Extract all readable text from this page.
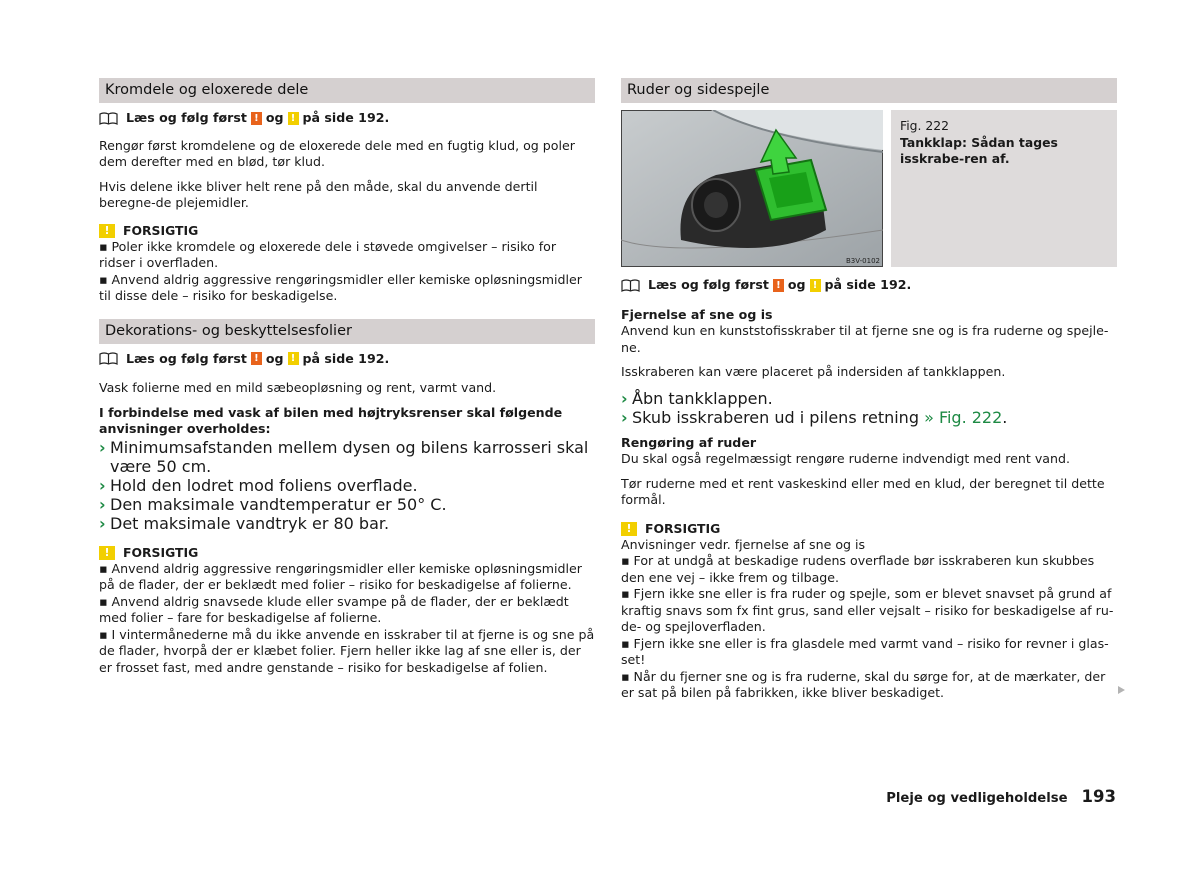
Kromdele og eloxerede dele
Læs og følg først ! og ! på side 192.

Rengør først kromdelene og de eloxerede dele med en fugtig klud, og poler dem derefter med en blød, tør klud.

Hvis delene ikke bliver helt rene på den måde, skal du anvende dertil beregne-de plejemidler.

!	FORSIGTIG

▪ Poler ikke kromdele og eloxerede dele i støvede omgivelser – risiko for ridser i overfladen.

▪ Anvend aldrig aggressive rengøringsmidler eller kemiske opløsningsmidler til disse dele – risiko for beskadigelse.

Dekorations- og beskyttelsesfolier
Læs og følg først ! og ! på side 192.

Vask folierne med en mild sæbeopløsning og rent, varmt vand.

I forbindelse med vask af bilen med højtryksrenser skal følgende anvisninger overholdes:

› Minimumsafstanden mellem dysen og bilens karrosseri skal være 50 cm.
› Hold den lodret mod foliens overflade.
› Den maksimale vandtemperatur er 50° C.
› Det maksimale vandtryk er 80 bar.
!	FORSIGTIG

▪ Anvend aldrig aggressive rengøringsmidler eller kemiske opløsningsmidler på de flader, der er beklædt med folier – risiko for beskadigelse af folierne.

▪ Anvend aldrig snavsede klude eller svampe på de flader, der er beklædt med folier – fare for beskadigelse af folierne.

▪ I vintermånederne må du ikke anvende en isskraber til at fjerne is og sne på de flader, hvorpå der er klæbet folier. Fjern heller ikke lag af sne eller is, der er frosset fast, med andre genstande – risiko for beskadigelse af folien.

Ruder og sidespejle
B3V-0102
Fig. 222
Tankklap: Sådan tages isskrabe-ren af.
Læs og følg først ! og ! på side 192.

Fjernelse af sne og is

Anvend kun en kunststofisskraber til at fjerne sne og is fra ruderne og spejle-ne.

Isskraberen kan være placeret på indersiden af tankklappen.

› Åbn tankklappen.
› Skub isskraberen ud i pilens retning » Fig. 222.

Rengøring af ruder

Du skal også regelmæssigt rengøre ruderne indvendigt med rent vand.

Tør ruderne med et rent vaskeskind eller med en klud, der beregnet til dette formål.

!	FORSIGTIG

Anvisninger vedr. fjernelse af sne og is

▪ For at undgå at beskadige rudens overflade bør isskraberen kun skubbes den ene vej – ikke frem og tilbage.

▪ Fjern ikke sne eller is fra ruder og spejle, som er blevet snavset på grund af kraftig snavs som fx fint grus, sand eller vejsalt – risiko for beskadigelse af ru-de- og spejloverfladen.

▪ Fjern ikke sne eller is fra glasdele med varmt vand – risiko for revner i glas-set!

▪ Når du fjerner sne og is fra ruderne, skal du sørge for, at de mærkater, der er sat på bilen på fabrikken, ikke bliver beskadiget.

Pleje og vedligeholdelse 193
